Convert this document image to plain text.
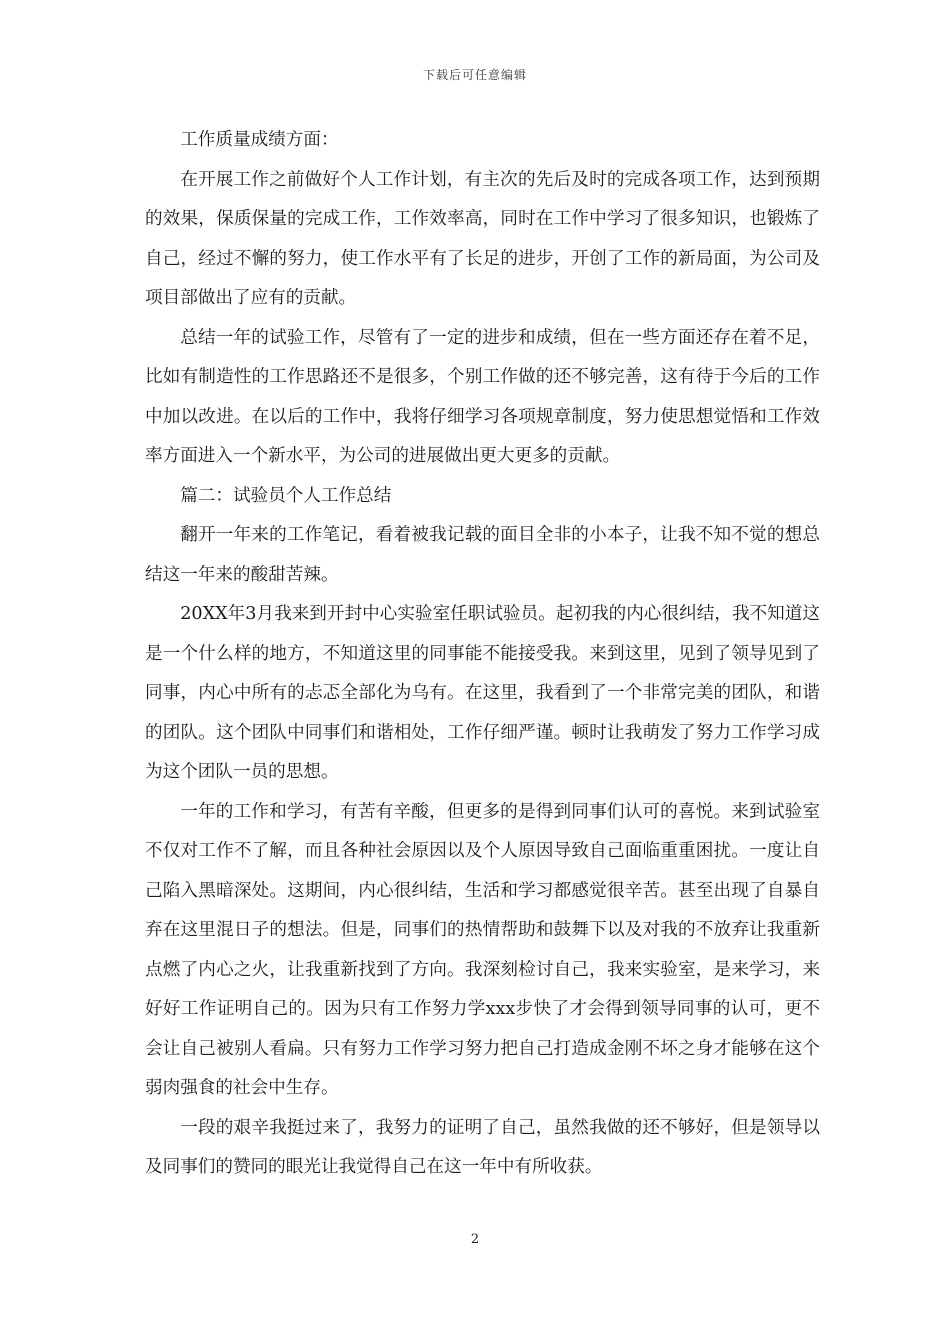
下载后可任意编辑

工作质量成绩方面：

在开展工作之前做好个人工作计划，有主次的先后及时的完成各项工作，达到预期的效果，保质保量的完成工作，工作效率高，同时在工作中学习了很多知识，也锻炼了自己，经过不懈的努力，使工作水平有了长足的进步，开创了工作的新局面，为公司及项目部做出了应有的贡献。

总结一年的试验工作，尽管有了一定的进步和成绩，但在一些方面还存在着不足，比如有制造性的工作思路还不是很多，个别工作做的还不够完善，这有待于今后的工作中加以改进。在以后的工作中，我将仔细学习各项规章制度，努力使思想觉悟和工作效率方面进入一个新水平，为公司的进展做出更大更多的贡献。

篇二：试验员个人工作总结

翻开一年来的工作笔记，看着被我记载的面目全非的小本子，让我不知不觉的想总结这一年来的酸甜苦辣。

20XX年3月我来到开封中心实验室任职试验员。起初我的内心很纠结，我不知道这是一个什么样的地方，不知道这里的同事能不能接受我。来到这里，见到了领导见到了同事，内心中所有的忐忑全部化为乌有。在这里，我看到了一个非常完美的团队，和谐的团队。这个团队中同事们和谐相处，工作仔细严谨。顿时让我萌发了努力工作学习成为这个团队一员的思想。

一年的工作和学习，有苦有辛酸，但更多的是得到同事们认可的喜悦。来到试验室不仅对工作不了解，而且各种社会原因以及个人原因导致自己面临重重困扰。一度让自己陷入黑暗深处。这期间，内心很纠结，生活和学习都感觉很辛苦。甚至出现了自暴自弃在这里混日子的想法。但是，同事们的热情帮助和鼓舞下以及对我的不放弃让我重新点燃了内心之火，让我重新找到了方向。我深刻检讨自己，我来实验室，是来学习，来好好工作证明自己的。因为只有工作努力学xxx步快了才会得到领导同事的认可，更不会让自己被别人看扁。只有努力工作学习努力把自己打造成金刚不坏之身才能够在这个弱肉强食的社会中生存。

一段的艰辛我挺过来了，我努力的证明了自己，虽然我做的还不够好，但是领导以及同事们的赞同的眼光让我觉得自己在这一年中有所收获。

2
